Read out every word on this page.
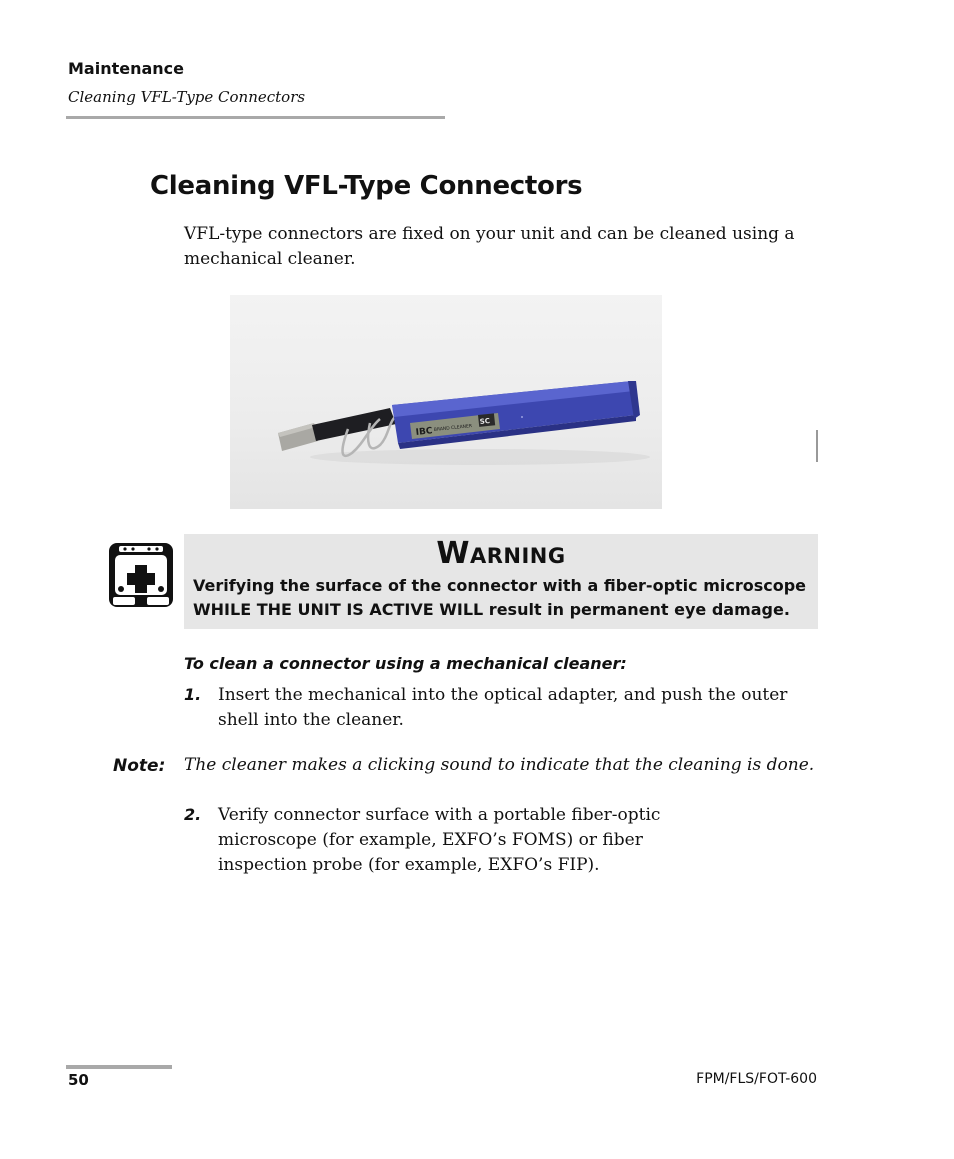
Maintenance
Cleaning VFL-Type Connectors
Cleaning VFL-Type Connectors
VFL-type connectors are fixed on your unit and can be cleaned using a mechanical cleaner.
IBC BRAND CLEANER
SC
Warning
Verifying the surface of the connector with a fiber-optic microscope WHILE THE UNIT IS ACTIVE WILL result in permanent eye damage.
To clean a connector using a mechanical cleaner:
1. Insert the mechanical into the optical adapter, and push the outer shell into the cleaner.
Note: The cleaner makes a clicking sound to indicate that the cleaning is done.
2. Verify connector surface with a portable fiber-optic microscope (for example, EXFO’s FOMS) or fiber inspection probe (for example, EXFO’s FIP).
50	FPM/FLS/FOT-600
